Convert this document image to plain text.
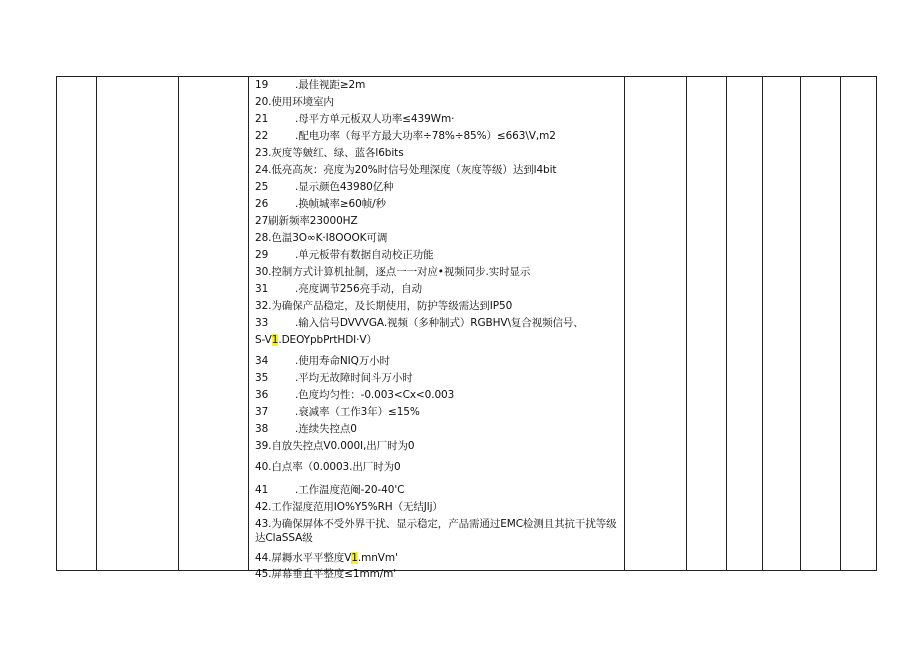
19	.最佳视距≥2m
20.使用环境室内
21	.母平方单元板双人功率≤439Wm·
22	.配电功率（每平方最大功率÷78%÷85%）≤663\V,m2
23.灰度等皴红、绿、蓝各l6bits
24.低亮高灰：亮度为20%时信号处理深度（灰度等级）达到l4bit
25	.显示颜色43980亿种
26	.换帧城率≥60帧/秒
27刷新频率23000HZ
28.色温3O∞K·I8OOOK可调
29	.单元板带有数据自动校正功能
30.控制方式计算机扯制，逐点一一对应•视频同步.实时显示
31	.亮度调节256亮手动，自动
32.为确保产品稳定，及长期使用，防护等级需达到IP50
33	.输入信号DVVVGA.视频（多种制式）RGBHV\复合视频信号、
S-V1.DEOYpbPrtHDI·V）
34	.使用寿命NIQ万小时
35	.平均无故障时间斗万小时
36	.色度均匀性：-0.003<Cx<0.003
37	.衰减率（工作3年）≤15%
38	.连续失控点0
39.自放失控点V0.000I,出厂时为0
40.白点率（0.0003.出厂时为0
41	.工作温度范阉-20-40'C
42.工作湿度范用IO%Y5%RH（无结Jlj）
43.为确保屏体不受外界干扰、显示稳定，产品需通过EMC检测且其抗干扰等级达ClaSSA级
44.屏耨水平平整度V1.mnVm'
45.屏幕垂直平整度≤1mm/m'
